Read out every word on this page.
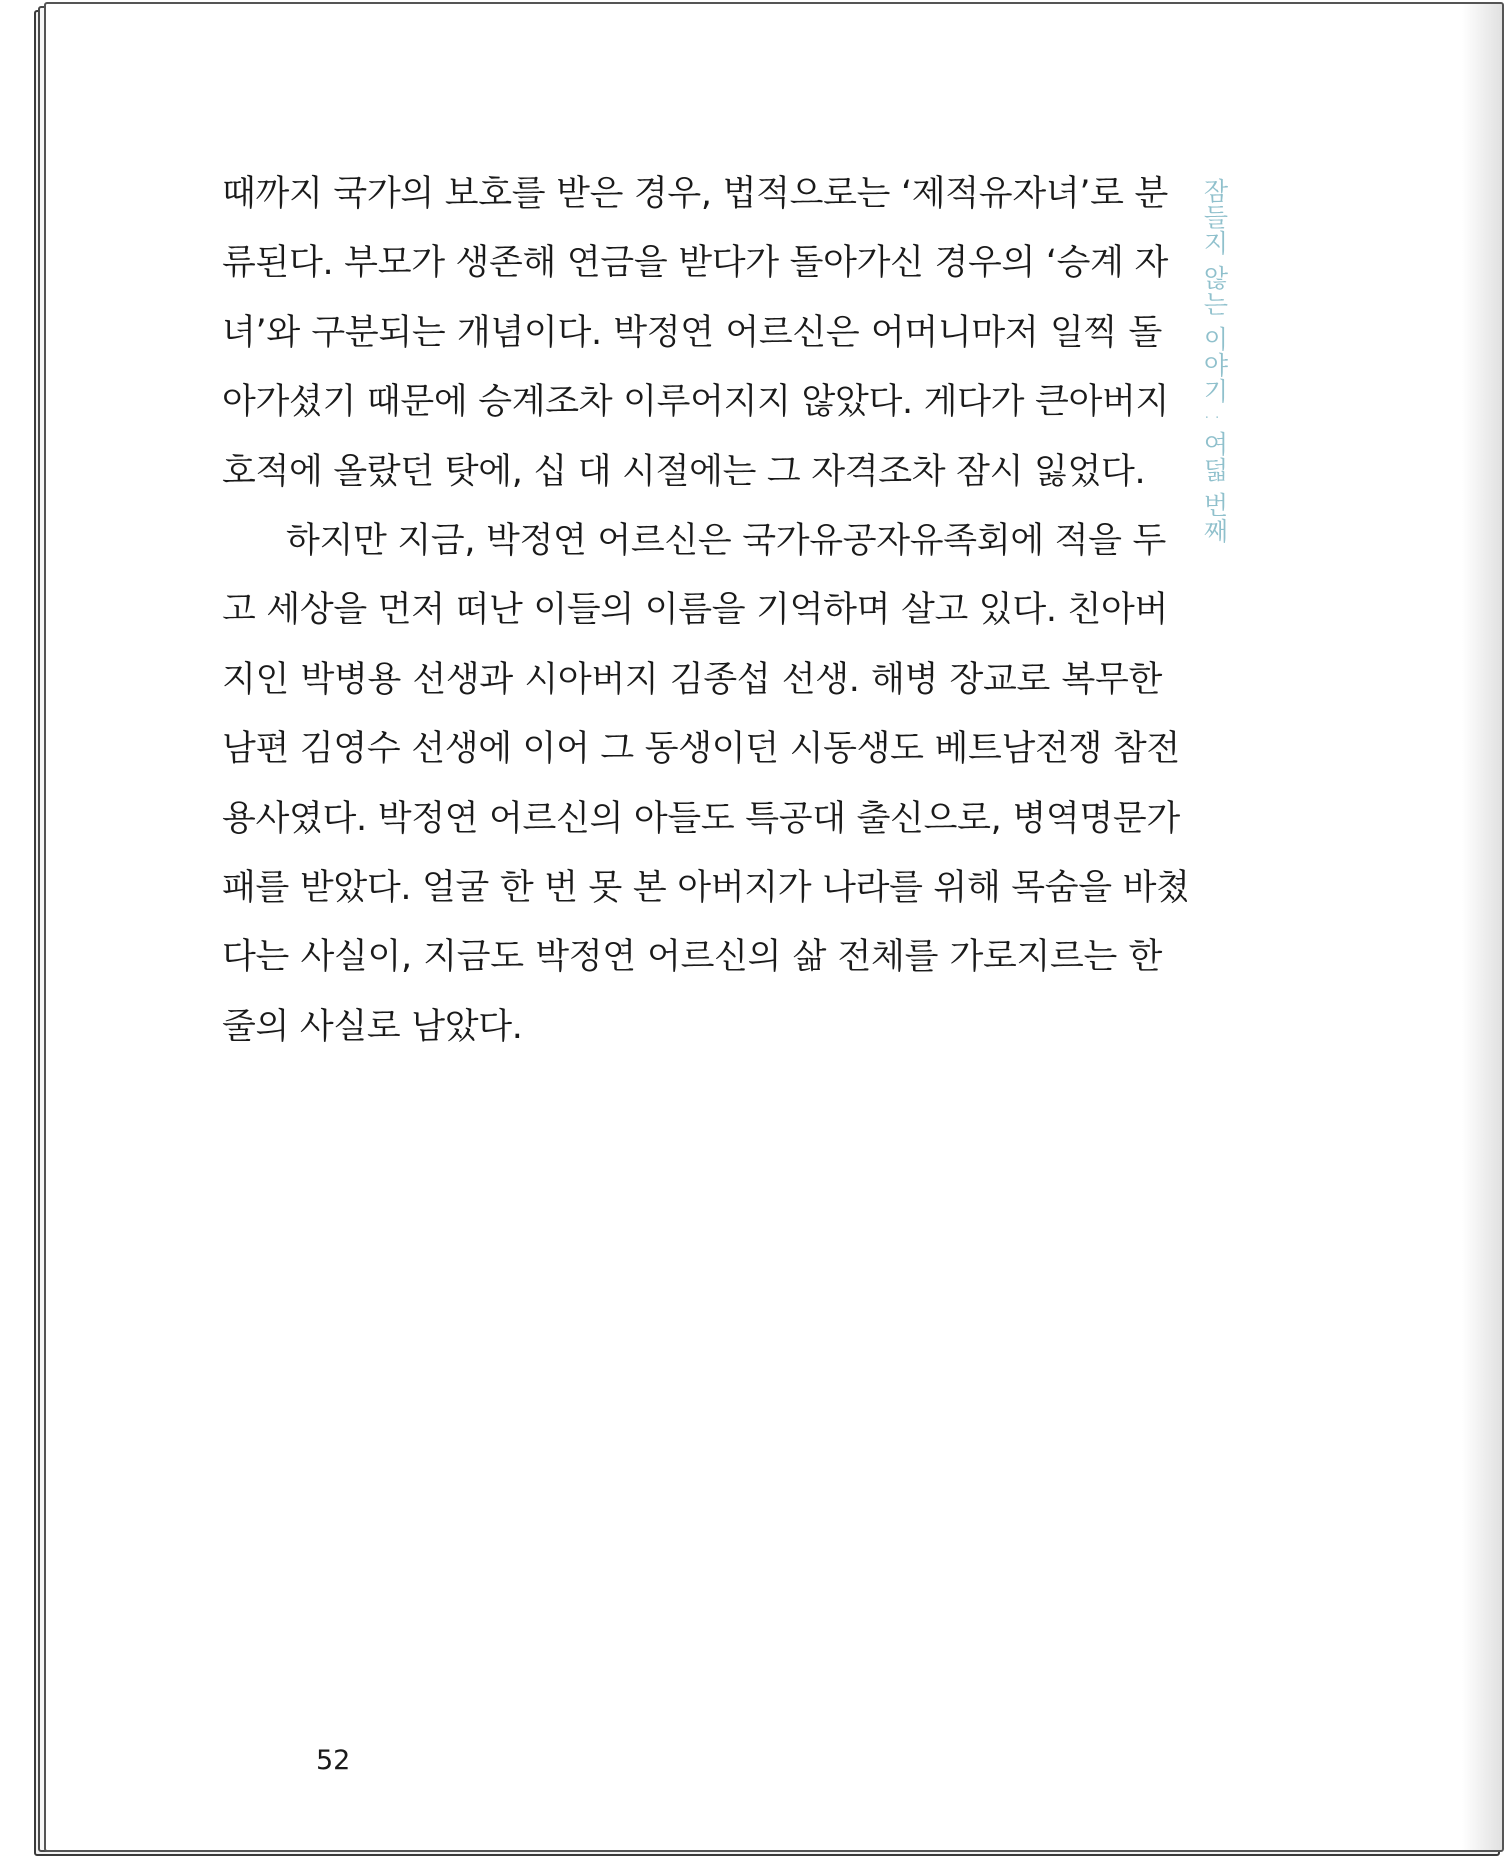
때까지 국가의 보호를 받은 경우, 법적으로는 ‘제적유자녀’로 분
류된다. 부모가 생존해 연금을 받다가 돌아가신 경우의 ‘승계 자
녀’와 구분되는 개념이다. 박정연 어르신은 어머니마저 일찍 돌
아가셨기 때문에 승계조차 이루어지지 않았다. 게다가 큰아버지
호적에 올랐던 탓에, 십 대 시절에는 그 자격조차 잠시 잃었다.
하지만 지금, 박정연 어르신은 국가유공자유족회에 적을 두
고 세상을 먼저 떠난 이들의 이름을 기억하며 살고 있다. 친아버
지인 박병용 선생과 시아버지 김종섭 선생. 해병 장교로 복무한
남편 김영수 선생에 이어 그 동생이던 시동생도 베트남전쟁 참전
용사였다. 박정연 어르신의 아들도 특공대 출신으로, 병역명문가
패를 받았다. 얼굴 한 번 못 본 아버지가 나라를 위해 목숨을 바쳤
다는 사실이, 지금도 박정연 어르신의 삶 전체를 가로지르는 한
줄의 사실로 남았다.
잠들지 않는 이야기 : 여덟 번째
52
